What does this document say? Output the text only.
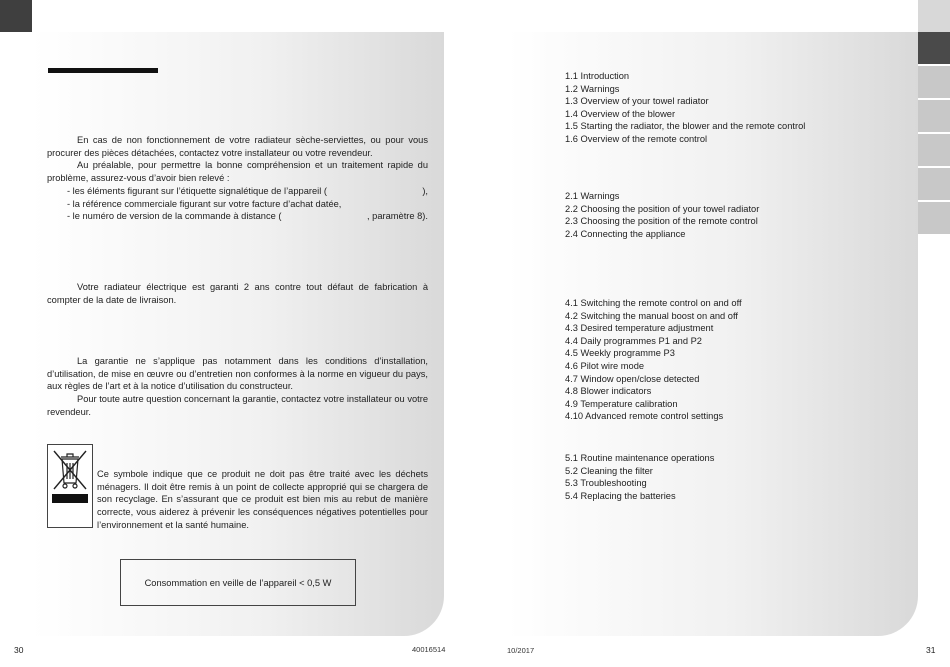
En cas de non fonctionnement de votre radiateur sèche-serviettes, ou pour vous procurer des pièces détachées, contactez votre installateur ou votre revendeur.

Au préalable, pour permettre la bonne compréhension et un traitement rapide du problème, assurez-vous d’avoir bien relevé :

- les éléments figurant sur l’étiquette signalétique de l’appareil (	),

- la référence commerciale figurant sur votre facture d’achat datée,

- le numéro de version de la commande à distance (	, paramètre 8).

Votre radiateur électrique est garanti 2 ans contre tout défaut de fabrication à compter de la date de livraison.

La garantie ne s’applique pas notamment dans les conditions d’installation, d’utilisation, de mise en œuvre ou d’entretien non conformes à la norme en vigueur du pays, aux règles de l’art et à la notice d’utilisation du constructeur.

Pour toute autre question concernant la garantie, contactez votre installateur ou votre revendeur.

Ce symbole indique que ce produit ne doit pas être traité avec les déchets ménagers. Il doit être remis à un point de collecte approprié qui se chargera de son recyclage. En s’assurant que ce produit est bien mis au rebut de manière correcte, vous aiderez à prévenir les conséquences négatives potentielles pour l’environnement et la santé humaine.

Consommation en veille de l’appareil < 0,5 W
1.1 Introduction
1.2 Warnings
1.3 Overview of your towel radiator
1.4 Overview of the blower
1.5 Starting the radiator, the blower and the remote control
1.6 Overview of the remote control
2.1 Warnings
2.2 Choosing the position of your towel radiator
2.3 Choosing the position of the remote control
2.4 Connecting the appliance
4.1 Switching the remote control on and off
4.2 Switching the manual boost on and off
4.3 Desired temperature adjustment
4.4 Daily programmes P1 and P2
4.5 Weekly programme P3
4.6 Pilot wire mode
4.7 Window open/close detected
4.8 Blower indicators
4.9 Temperature calibration
4.10 Advanced remote control settings
5.1 Routine maintenance operations
5.2 Cleaning the filter
5.3 Troubleshooting
5.4 Replacing the batteries
30	40016514	10/2017	31
